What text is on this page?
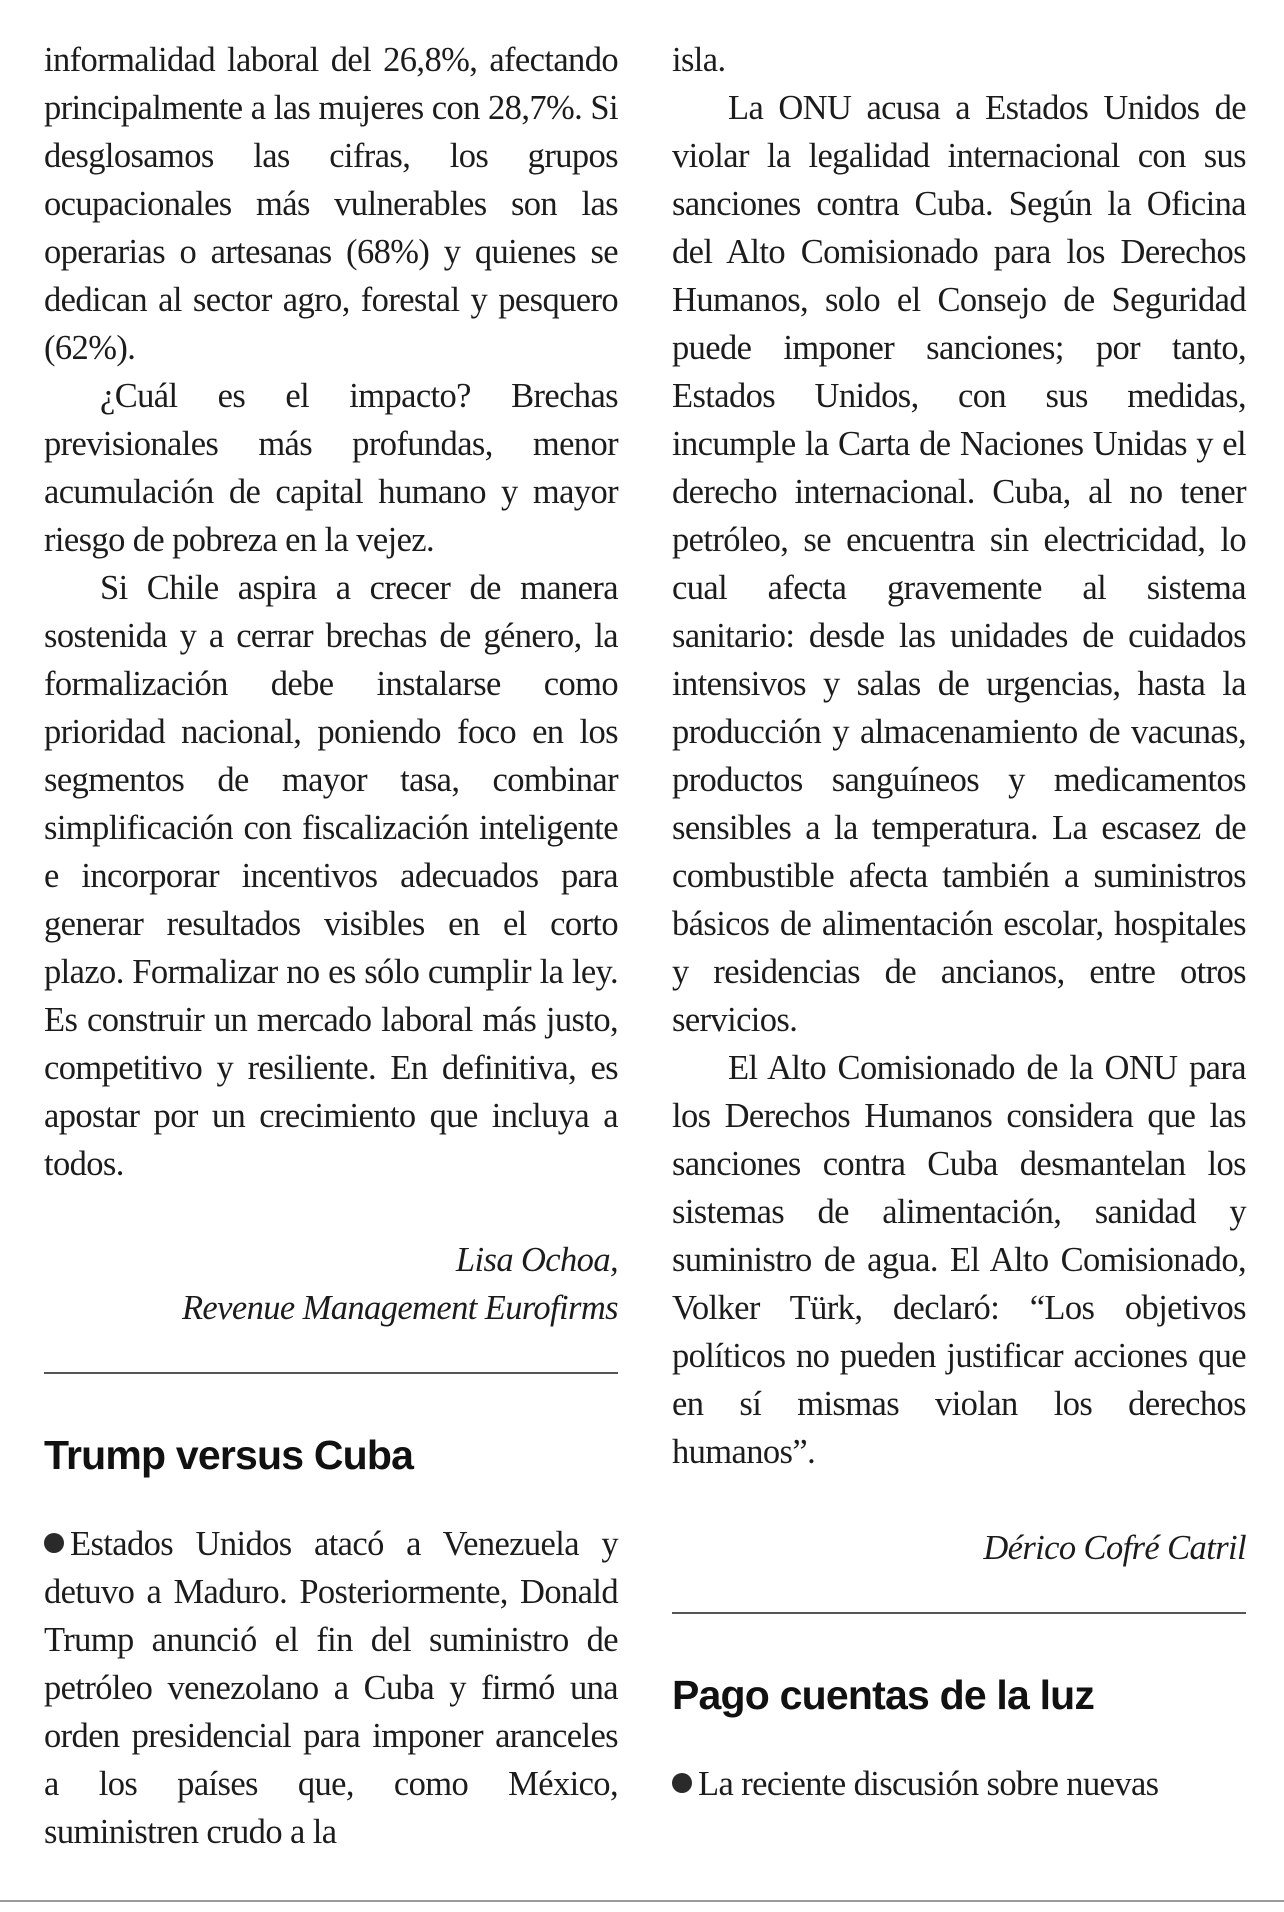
informalidad laboral del 26,8%, afectando principalmente a las mujeres con 28,7%. Si desglosamos las cifras, los grupos ocupacionales más vulnerables son las operarias o artesanas (68%) y quienes se dedican al sector agro, forestal y pesquero (62%).

¿Cuál es el impacto? Brechas previsionales más profundas, menor acumulación de capital humano y mayor riesgo de pobreza en la vejez.

Si Chile aspira a crecer de manera sostenida y a cerrar brechas de género, la formalización debe instalarse como prioridad nacional, poniendo foco en los segmentos de mayor tasa, combinar simplificación con fiscalización inteligente e incorporar incentivos adecuados para generar resultados visibles en el corto plazo. Formalizar no es sólo cumplir la ley. Es construir un mercado laboral más justo, competitivo y resiliente. En definitiva, es apostar por un crecimiento que incluya a todos.

Lisa Ochoa,
Revenue Management Eurofirms
Trump versus Cuba

Estados Unidos atacó a Venezuela y detuvo a Maduro. Posteriormente, Donald Trump anunció el fin del suministro de petróleo venezolano a Cuba y firmó una orden presidencial para imponer aranceles a los países que, como México, suministren crudo a la

isla.

La ONU acusa a Estados Unidos de violar la legalidad internacional con sus sanciones contra Cuba. Según la Oficina del Alto Comisionado para los Derechos Humanos, solo el Consejo de Seguridad puede imponer sanciones; por tanto, Estados Unidos, con sus medidas, incumple la Carta de Naciones Unidas y el derecho internacional. Cuba, al no tener petróleo, se encuentra sin electricidad, lo cual afecta gravemente al sistema sanitario: desde las unidades de cuidados intensivos y salas de urgencias, hasta la producción y almacenamiento de vacunas, productos sanguíneos y medicamentos sensibles a la temperatura. La escasez de combustible afecta también a suministros básicos de alimentación escolar, hospitales y residencias de ancianos, entre otros servicios.

El Alto Comisionado de la ONU para los Derechos Humanos considera que las sanciones contra Cuba desmantelan los sistemas de alimentación, sanidad y suministro de agua. El Alto Comisionado, Volker Türk, declaró: “Los objetivos políticos no pueden justificar acciones que en sí mismas violan los derechos humanos”.

Dérico Cofré Catril
Pago cuentas de la luz

La reciente discusión sobre nuevas
